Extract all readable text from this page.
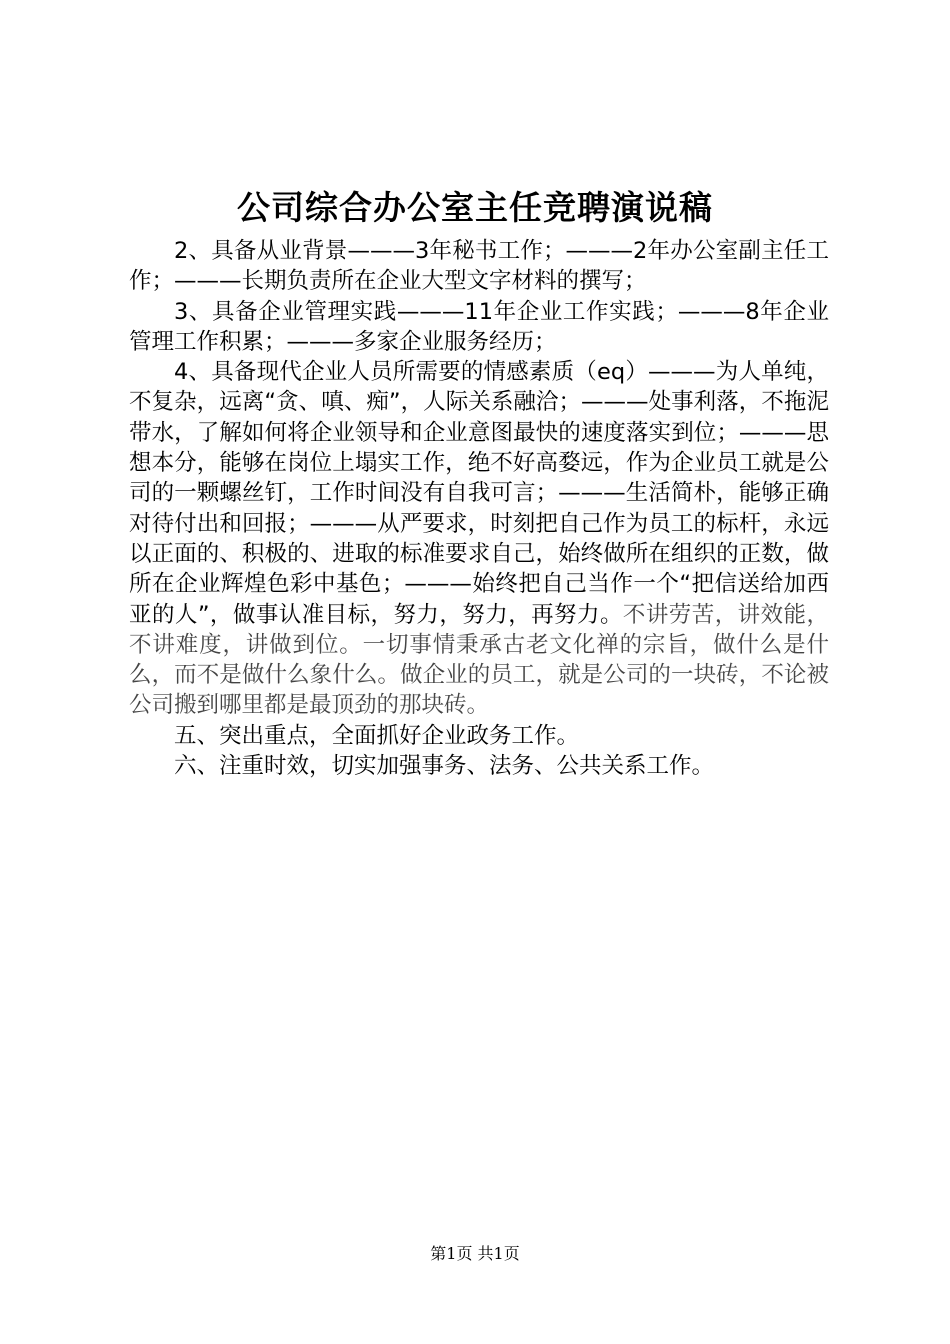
公司综合办公室主任竞聘演说稿

2、具备从业背景———3年秘书工作；———2年办公室副主任工作；———长期负责所在企业大型文字材料的撰写；

3、具备企业管理实践———11年企业工作实践；———8年企业管理工作积累；———多家企业服务经历；

4、具备现代企业人员所需要的情感素质（eq）———为人单纯，不复杂，远离“贪、嗔、痴”，人际关系融洽；———处事利落，不拖泥带水，了解如何将企业领导和企业意图最快的速度落实到位；———思想本分，能够在岗位上塌实工作，绝不好高婺远，作为企业员工就是公司的一颗螺丝钉，工作时间没有自我可言；———生活简朴，能够正确对待付出和回报；———从严要求，时刻把自己作为员工的标杆，永远以正面的、积极的、进取的标准要求自己，始终做所在组织的正数，做所在企业辉煌色彩中基色；———始终把自己当作一个“把信送给加西亚的人”，做事认准目标，努力，努力，再努力。不讲劳苦，讲效能，不讲难度，讲做到位。一切事情秉承古老文化禅的宗旨，做什么是什么，而不是做什么象什么。做企业的员工，就是公司的一块砖，不论被公司搬到哪里都是最顶劲的那块砖。

五、突出重点，全面抓好企业政务工作。

六、注重时效，切实加强事务、法务、公共关系工作。

第1页 共1页
